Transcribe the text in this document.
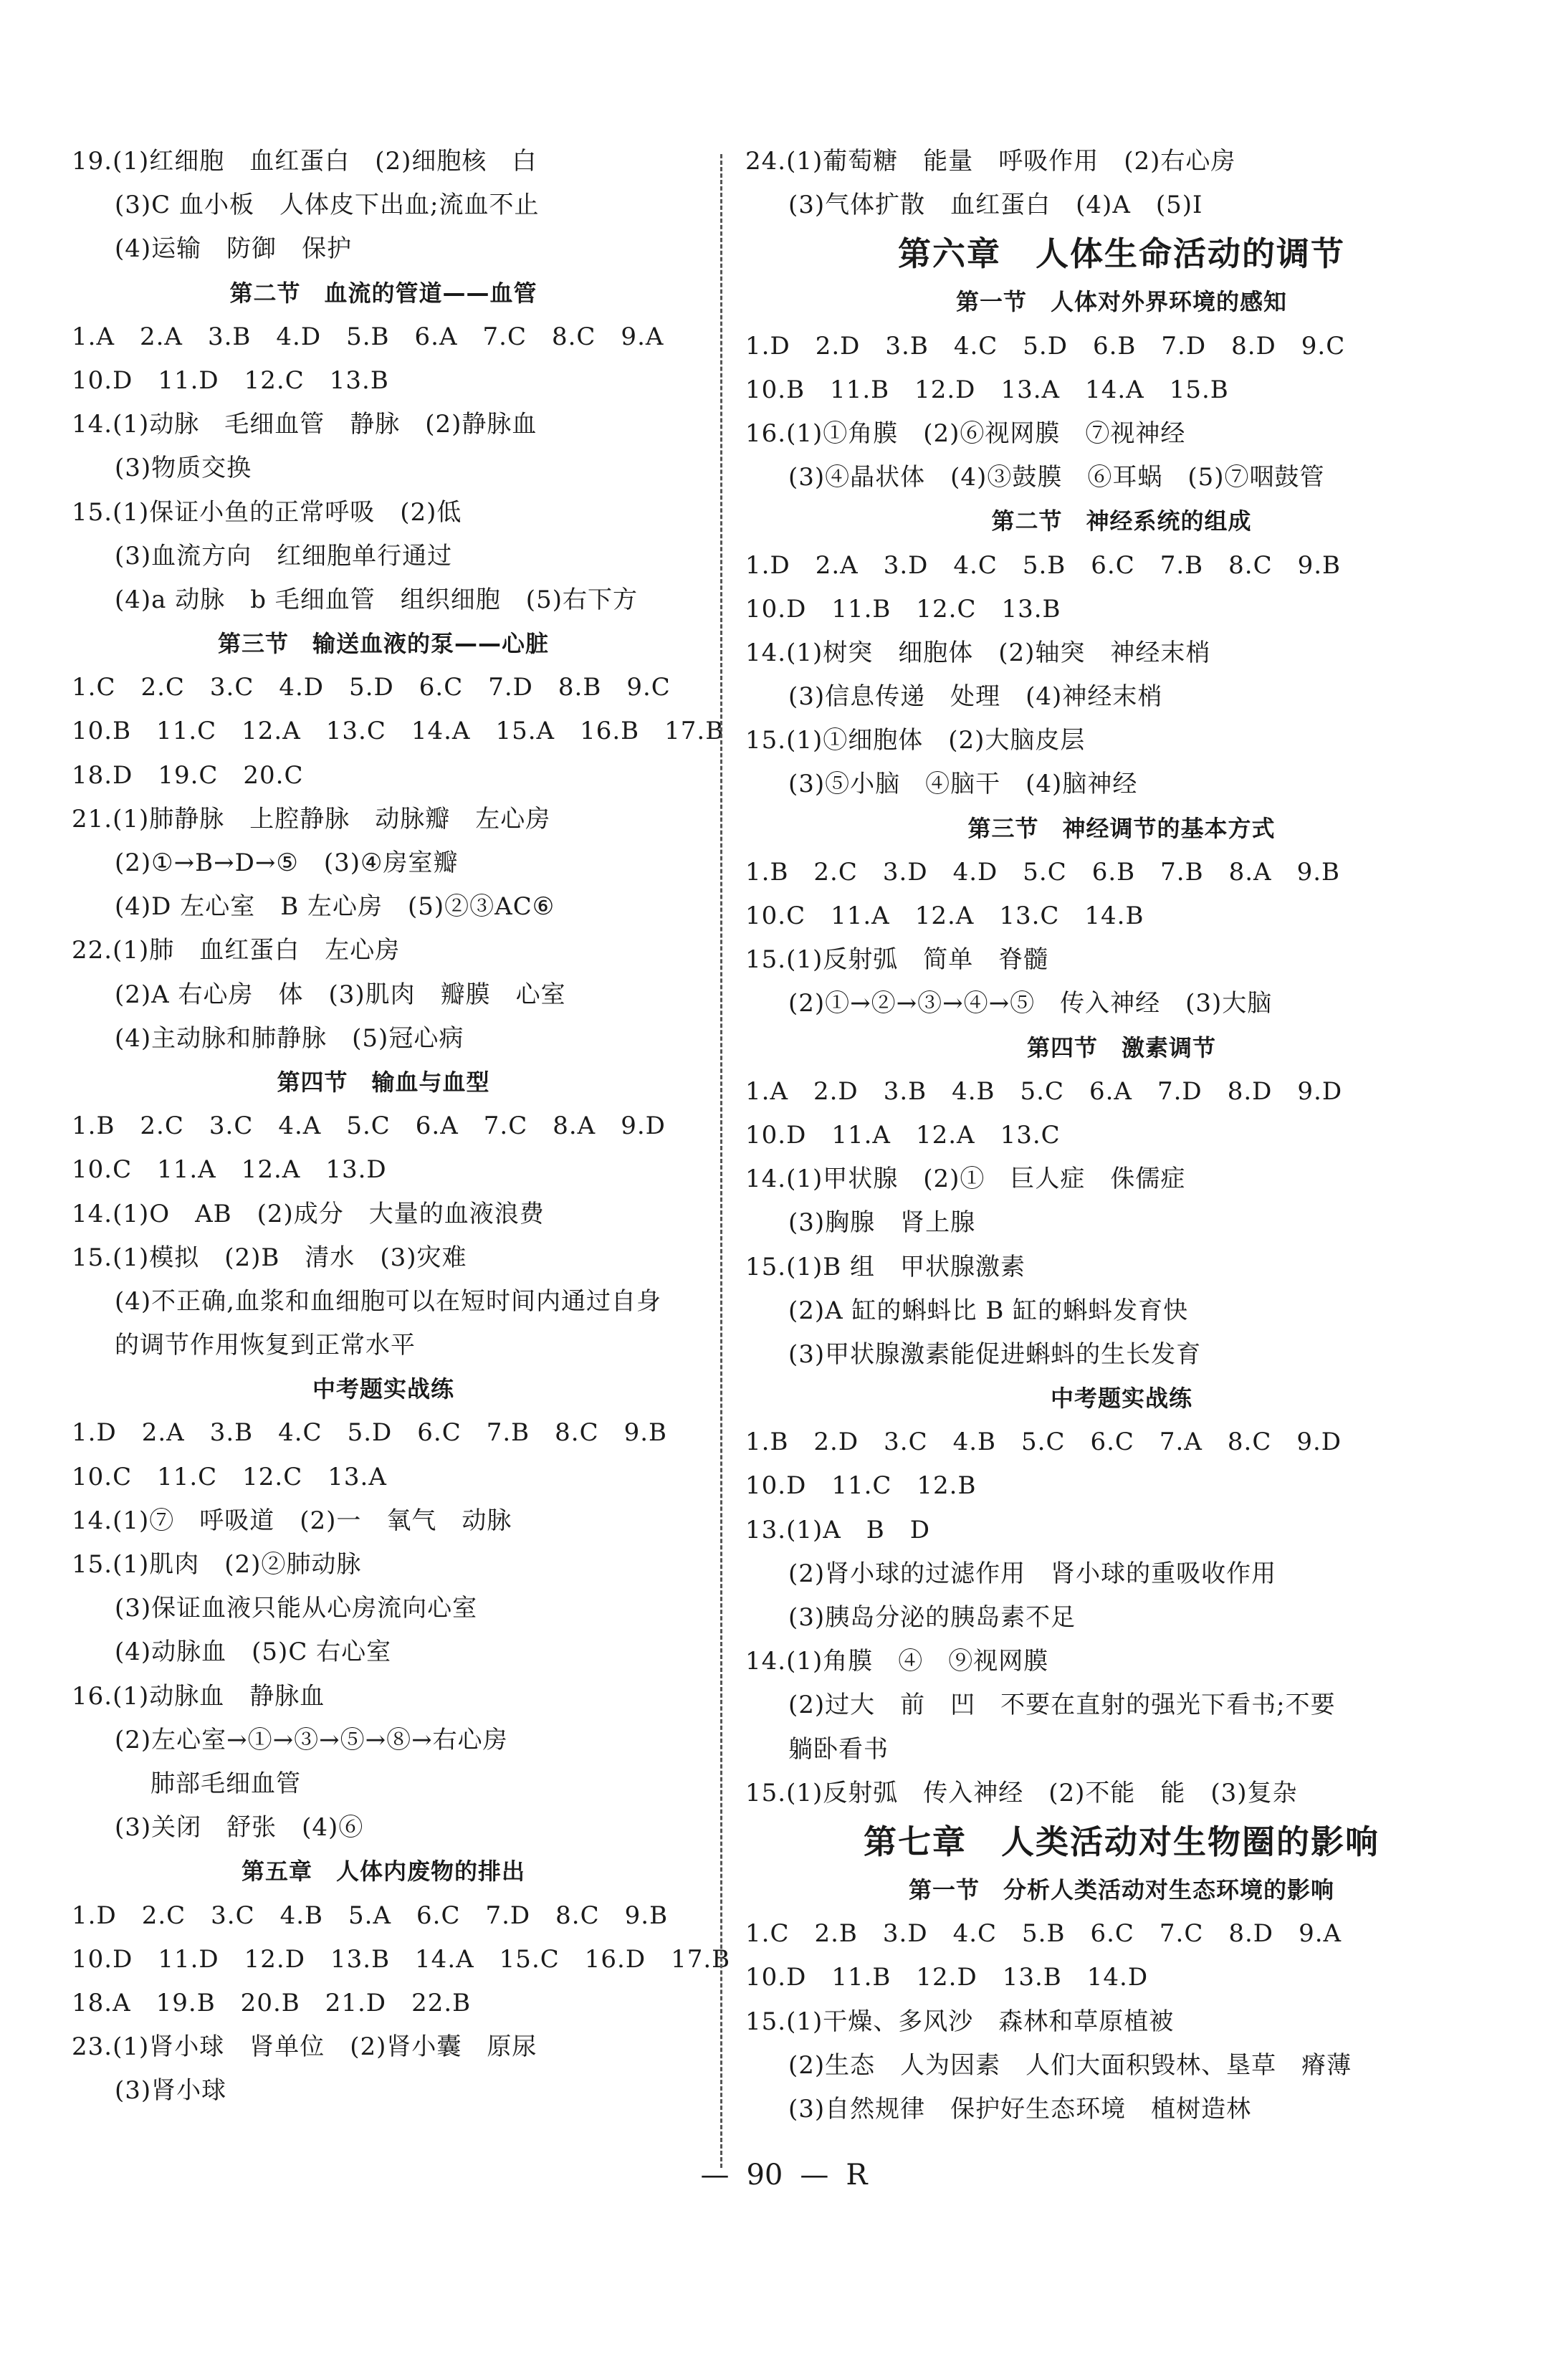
19.(1)红细胞　血红蛋白　(2)细胞核　白
(3)C 血小板　人体皮下出血;流血不止
(4)运输　防御　保护
第二节　血流的管道——血管
1.A　2.A　3.B　4.D　5.B　6.A　7.C　8.C　9.A
10.D　11.D　12.C　13.B
14.(1)动脉　毛细血管　静脉　(2)静脉血
(3)物质交换
15.(1)保证小鱼的正常呼吸　(2)低
(3)血流方向　红细胞单行通过
(4)a 动脉　b 毛细血管　组织细胞　(5)右下方
第三节　输送血液的泵——心脏
1.C　2.C　3.C　4.D　5.D　6.C　7.D　8.B　9.C
10.B　11.C　12.A　13.C　14.A　15.A　16.B　17.B
18.D　19.C　20.C
21.(1)肺静脉　上腔静脉　动脉瓣　左心房
(2)①→B→D→⑤　(3)④房室瓣
(4)D 左心室　B 左心房　(5)②③AC⑥
22.(1)肺　血红蛋白　左心房
(2)A 右心房　体　(3)肌肉　瓣膜　心室
(4)主动脉和肺静脉　(5)冠心病
第四节　输血与血型
1.B　2.C　3.C　4.A　5.C　6.A　7.C　8.A　9.D
10.C　11.A　12.A　13.D
14.(1)O　AB　(2)成分　大量的血液浪费
15.(1)模拟　(2)B　清水　(3)灾难
(4)不正确,血浆和血细胞可以在短时间内通过自身
的调节作用恢复到正常水平
中考题实战练
1.D　2.A　3.B　4.C　5.D　6.C　7.B　8.C　9.B
10.C　11.C　12.C　13.A
14.(1)⑦　呼吸道　(2)一　氧气　动脉
15.(1)肌肉　(2)②肺动脉
(3)保证血液只能从心房流向心室
(4)动脉血　(5)C 右心室
16.(1)动脉血　静脉血
(2)左心室→①→③→⑤→⑧→右心房
肺部毛细血管
(3)关闭　舒张　(4)⑥
第五章　人体内废物的排出
1.D　2.C　3.C　4.B　5.A　6.C　7.D　8.C　9.B
10.D　11.D　12.D　13.B　14.A　15.C　16.D　17.B
18.A　19.B　20.B　21.D　22.B
23.(1)肾小球　肾单位　(2)肾小囊　原尿
(3)肾小球
24.(1)葡萄糖　能量　呼吸作用　(2)右心房
(3)气体扩散　血红蛋白　(4)A　(5)I
第六章　人体生命活动的调节
第一节　人体对外界环境的感知
1.D　2.D　3.B　4.C　5.D　6.B　7.D　8.D　9.C
10.B　11.B　12.D　13.A　14.A　15.B
16.(1)①角膜　(2)⑥视网膜　⑦视神经
(3)④晶状体　(4)③鼓膜　⑥耳蜗　(5)⑦咽鼓管
第二节　神经系统的组成
1.D　2.A　3.D　4.C　5.B　6.C　7.B　8.C　9.B
10.D　11.B　12.C　13.B
14.(1)树突　细胞体　(2)轴突　神经末梢
(3)信息传递　处理　(4)神经末梢
15.(1)①细胞体　(2)大脑皮层
(3)⑤小脑　④脑干　(4)脑神经
第三节　神经调节的基本方式
1.B　2.C　3.D　4.D　5.C　6.B　7.B　8.A　9.B
10.C　11.A　12.A　13.C　14.B
15.(1)反射弧　简单　脊髓
(2)①→②→③→④→⑤　传入神经　(3)大脑
第四节　激素调节
1.A　2.D　3.B　4.B　5.C　6.A　7.D　8.D　9.D
10.D　11.A　12.A　13.C
14.(1)甲状腺　(2)①　巨人症　侏儒症
(3)胸腺　肾上腺
15.(1)B 组　甲状腺激素
(2)A 缸的蝌蚪比 B 缸的蝌蚪发育快
(3)甲状腺激素能促进蝌蚪的生长发育
中考题实战练
1.B　2.D　3.C　4.B　5.C　6.C　7.A　8.C　9.D
10.D　11.C　12.B
13.(1)A　B　D
(2)肾小球的过滤作用　肾小球的重吸收作用
(3)胰岛分泌的胰岛素不足
14.(1)角膜　④　⑨视网膜
(2)过大　前　凹　不要在直射的强光下看书;不要
躺卧看书
15.(1)反射弧　传入神经　(2)不能　能　(3)复杂
第七章　人类活动对生物圈的影响
第一节　分析人类活动对生态环境的影响
1.C　2.B　3.D　4.C　5.B　6.C　7.C　8.D　9.A
10.D　11.B　12.D　13.B　14.D
15.(1)干燥、多风沙　森林和草原植被
(2)生态　人为因素　人们大面积毁林、垦草　瘠薄
(3)自然规律　保护好生态环境　植树造林
— 90 — R
